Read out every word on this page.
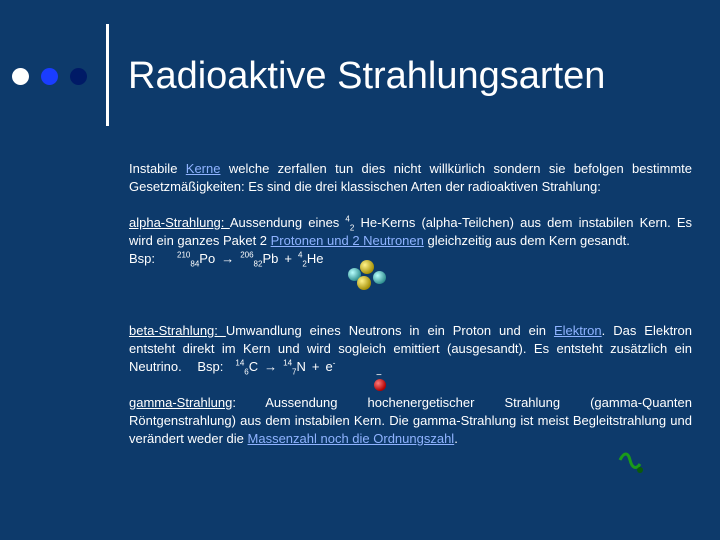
Radioaktive Strahlungsarten

Instabile Kerne welche zerfallen tun dies nicht willkürlich sondern sie befolgen bestimmte Gesetzmäßigkeiten: Es sind die drei klassischen Arten der radioaktiven Strahlung:

alpha-Strahlung: Aussendung eines $^4_2$ He-Kerns (alpha-Teilchen) aus dem instabilen Kern. Es wird ein ganzes Paket 2 Protonen und 2 Neutronen gleichzeitig aus dem Kern gesandt.
Bsp:	$^{210}_{84}$Po → $^{206}_{82}$Pb + $^4_2$He

beta-Strahlung: Umwandlung eines Neutrons in ein Proton und ein Elektron. Das Elektron entsteht direkt im Kern und wird sogleich emittiert (ausgesandt). Es entsteht zusätzlich ein Neutrino. Bsp: $^{14}_6$C → $^{14}_7$N + e-

gamma-Strahlung: Aussendung hochenergetischer Strahlung (gamma-Quanten Röntgenstrahlung) aus dem instabilen Kern. Die gamma-Strahlung ist meist Begleitstrahlung und verändert weder die Massenzahl noch die Ordnungszahl.

−
